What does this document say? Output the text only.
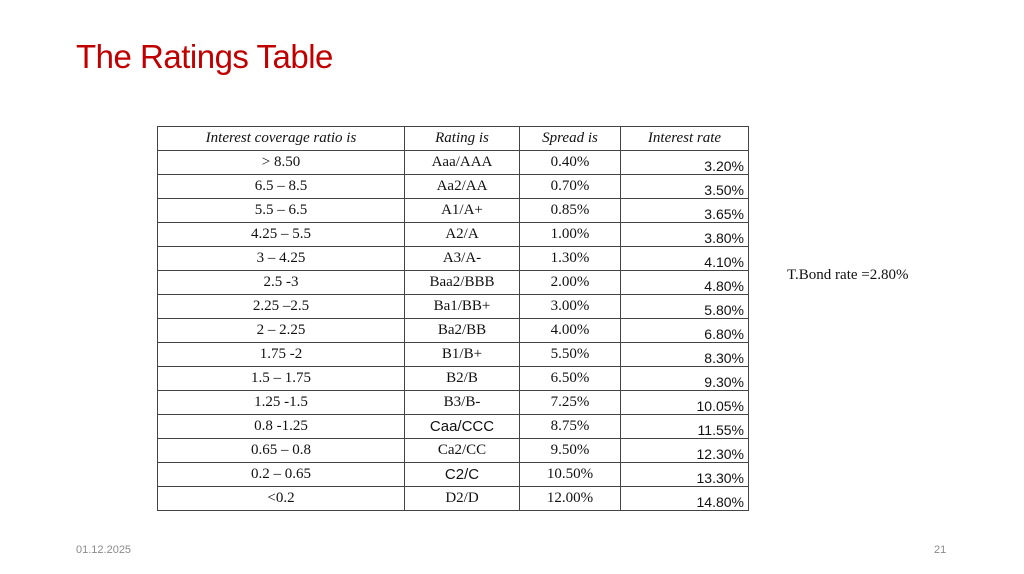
The Ratings Table
Interest coverage ratio is	Rating is	Spread is	Interest rate
> 8.50	Aaa/AAA	0.40%	3.20%
6.5 – 8.5	Aa2/AA	0.70%	3.50%
5.5 – 6.5	A1/A+	0.85%	3.65%
4.25 – 5.5	A2/A	1.00%	3.80%
3 – 4.25	A3/A-	1.30%	4.10%
2.5 -3	Baa2/BBB	2.00%	4.80%
2.25 –2.5	Ba1/BB+	3.00%	5.80%
2 – 2.25	Ba2/BB	4.00%	6.80%
1.75 -2	B1/B+	5.50%	8.30%
1.5 – 1.75	B2/B	6.50%	9.30%
1.25 -1.5	B3/B-	7.25%	10.05%
0.8 -1.25	Caa/CCC	8.75%	11.55%
0.65 – 0.8	Ca2/CC	9.50%	12.30%
0.2 – 0.65	C2/C	10.50%	13.30%
<0.2	D2/D	12.00%	14.80%
T.Bond rate =2.80%
01.12.2025	21
